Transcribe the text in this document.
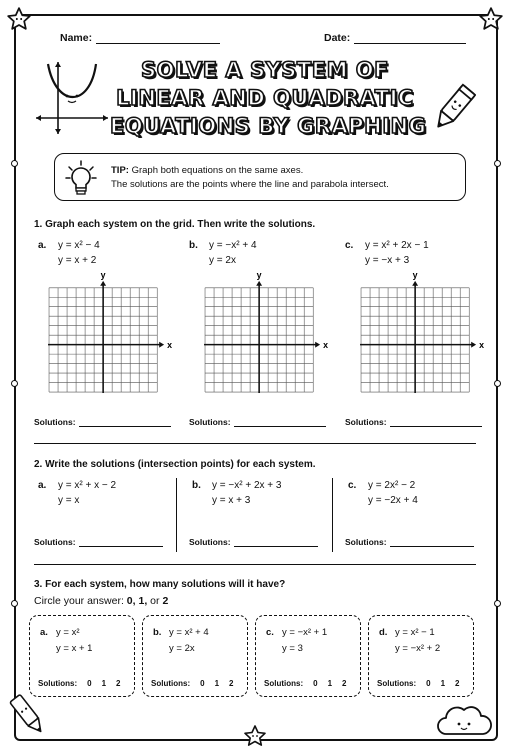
Name:	Date:
SOLVE A SYSTEM OF
LINEAR AND QUADRATIC
EQUATIONS BY GRAPHING
TIP: Graph both equations on the same axes.
The solutions are the points where the line and parabola intersect.
1. Graph each system on the grid. Then write the solutions.
a. y = x² − 4
y = x + 2
b. y = −x² + 4
y = 2x
c. y = x² + 2x − 1
y = −x + 3
x
y
x
y
x
y
Solutions:	Solutions:	Solutions:
2. Write the solutions (intersection points) for each system.
a. y = x² + x − 2
y = x
b. y = −x² + 2x + 3
y = x + 3
c. y = 2x² − 2
y = −2x + 4
Solutions:	Solutions:	Solutions:
3. For each system, how many solutions will it have?
Circle your answer: 0, 1, or 2
a. y = x²
y = x + 1
Solutions: 0 1 2
b. y = x² + 4
y = 2x
Solutions: 0 1 2
c. y = −x² + 1
y = 3
Solutions: 0 1 2
d. y = x² − 1
y = −x² + 2
Solutions: 0 1 2
